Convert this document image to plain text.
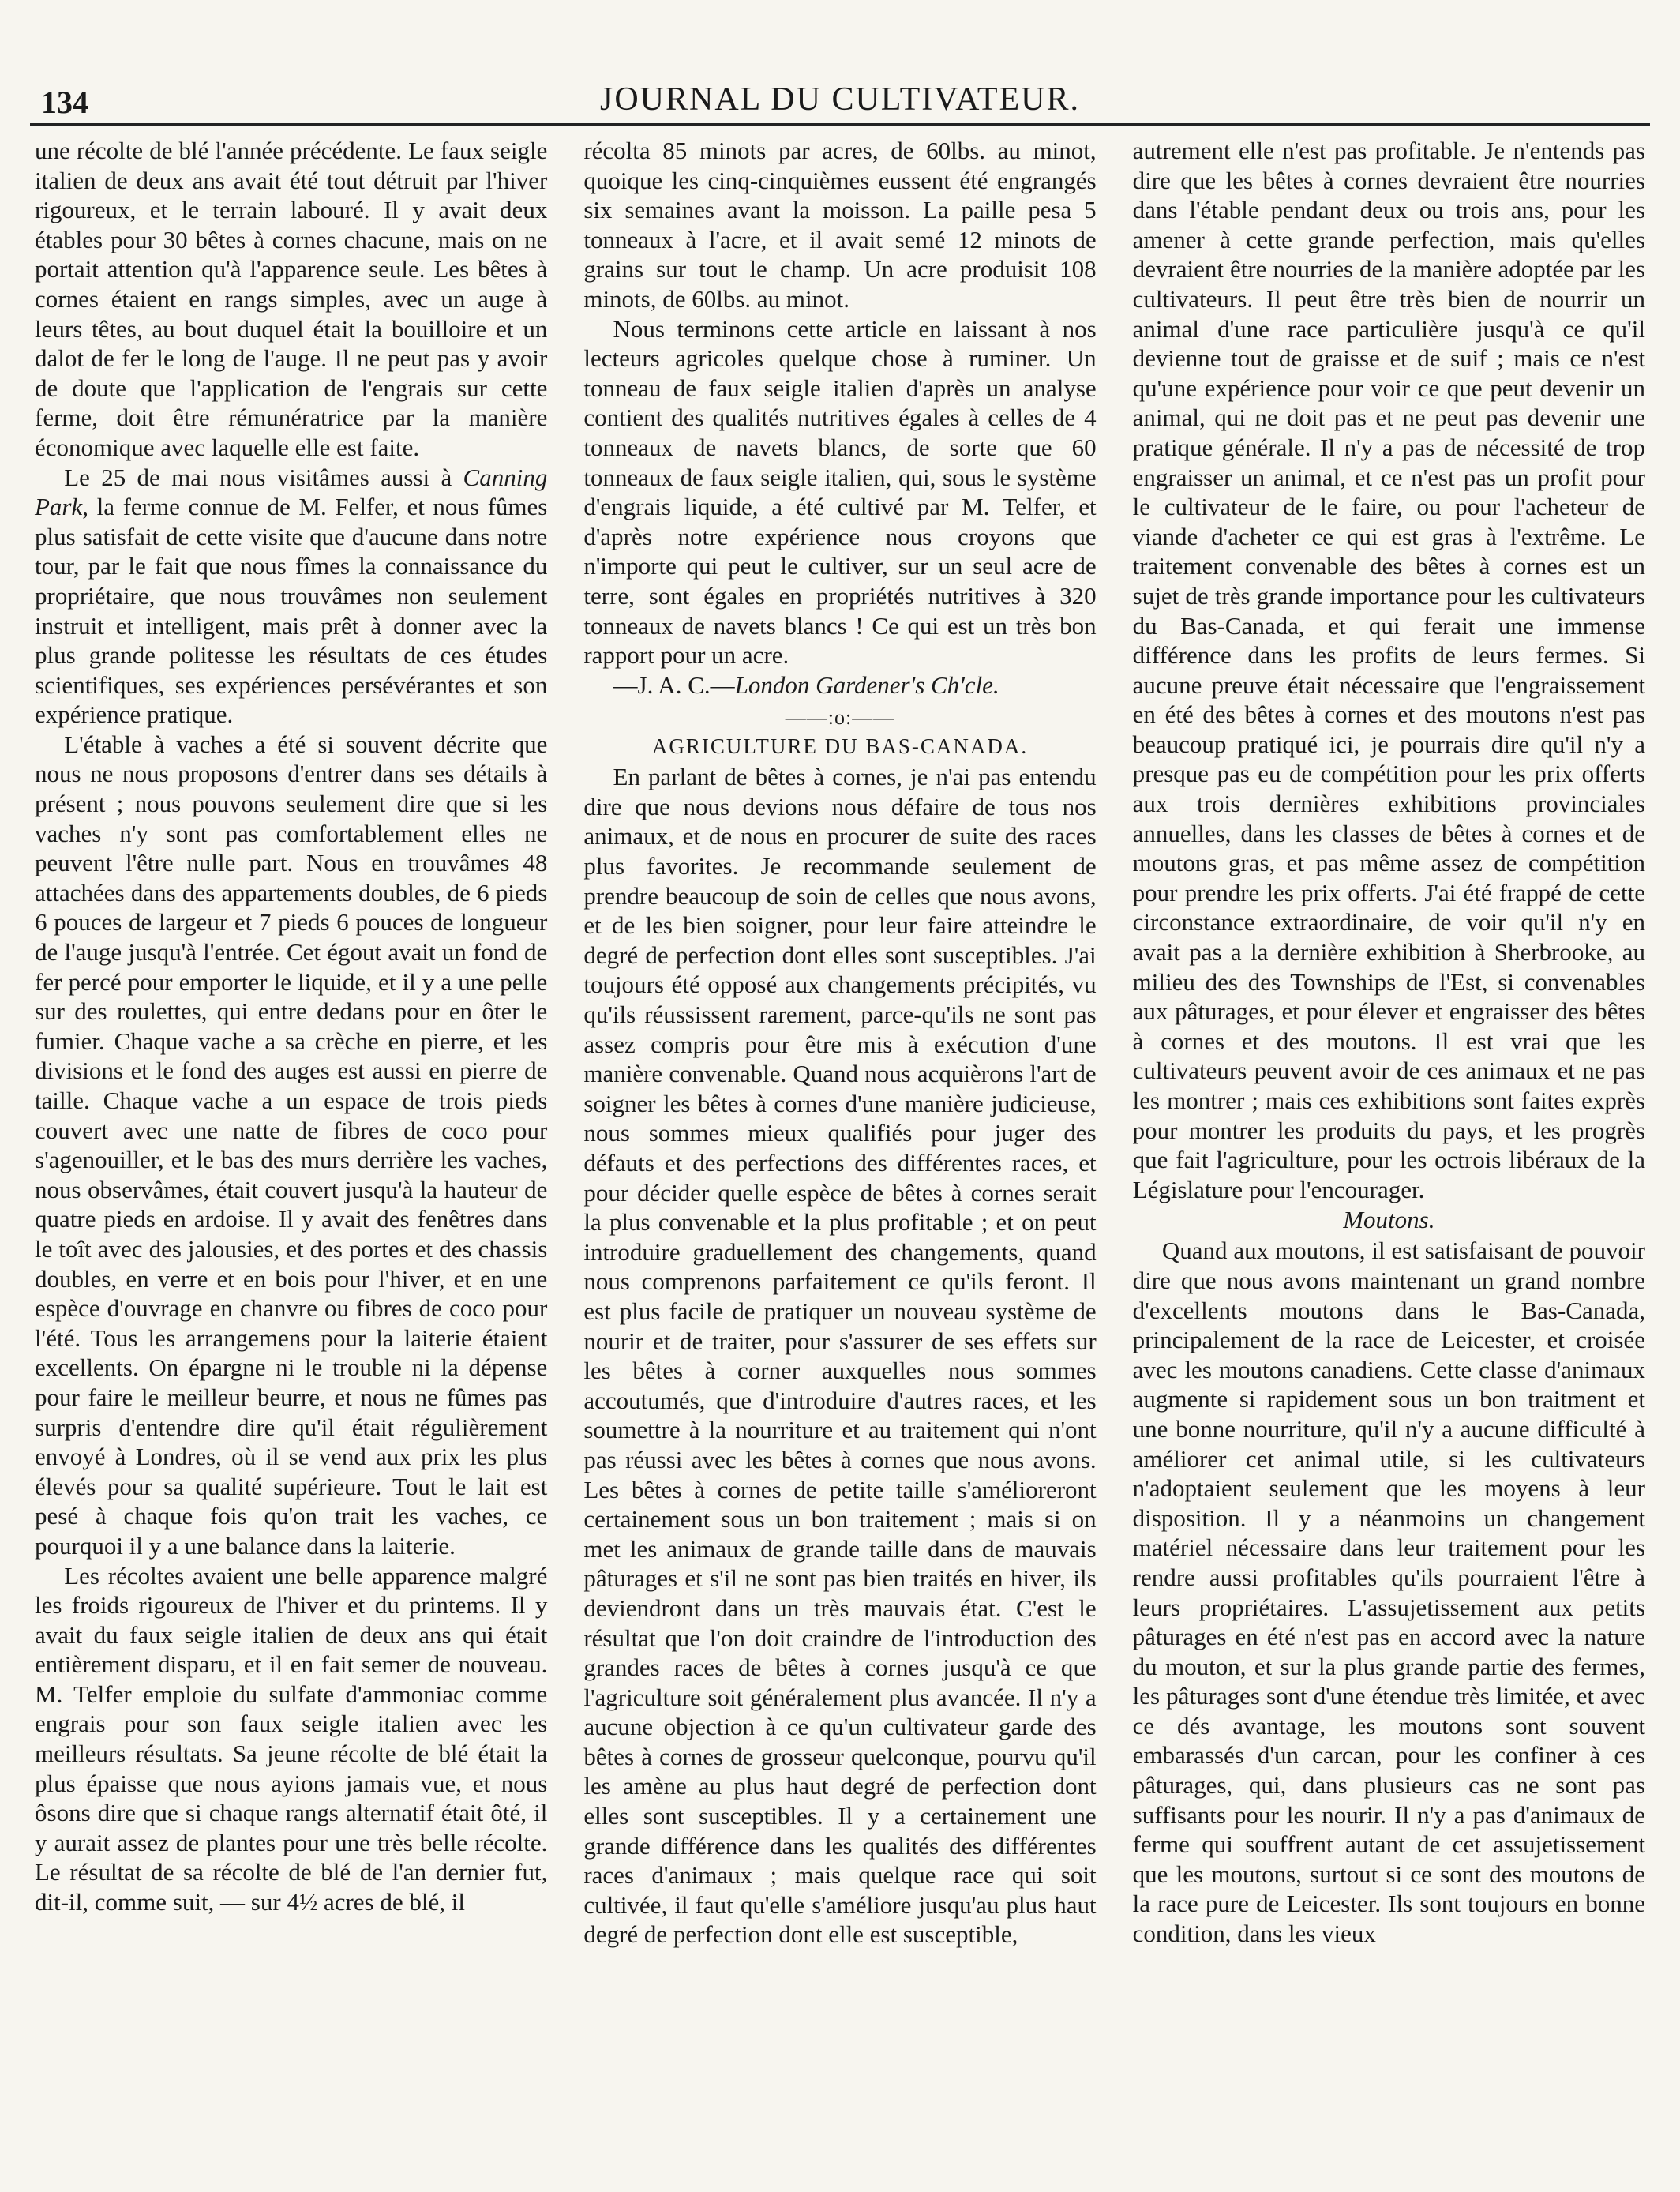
134	JOURNAL DU CULTIVATEUR.

une récolte de blé l'année précédente. Le faux seigle italien de deux ans avait été tout détruit par l'hiver rigoureux, et le terrain labouré. Il y avait deux étables pour 30 bêtes à cornes chacune, mais on ne portait attention qu'à l'apparence seule. Les bêtes à cornes étaient en rangs simples, avec un auge à leurs têtes, au bout duquel était la bouilloire et un dalot de fer le long de l'auge. Il ne peut pas y avoir de doute que l'application de l'engrais sur cette ferme, doit être rémunératrice par la manière économique avec laquelle elle est faite.

Le 25 de mai nous visitâmes aussi à Canning Park, la ferme connue de M. Felfer, et nous fûmes plus satisfait de cette visite que d'aucune dans notre tour, par le fait que nous fîmes la connaissance du propriétaire, que nous trouvâmes non seulement instruit et intelligent, mais prêt à donner avec la plus grande politesse les résultats de ces études scientifiques, ses expériences persévérantes et son expérience pratique.

L'étable à vaches a été si souvent décrite que nous ne nous proposons d'entrer dans ses détails à présent ; nous pouvons seulement dire que si les vaches n'y sont pas comfortablement elles ne peuvent l'être nulle part. Nous en trouvâmes 48 attachées dans des appartements doubles, de 6 pieds 6 pouces de largeur et 7 pieds 6 pouces de longueur de l'auge jusqu'à l'entrée. Cet égout avait un fond de fer percé pour emporter le liquide, et il y a une pelle sur des roulettes, qui entre dedans pour en ôter le fumier. Chaque vache a sa crèche en pierre, et les divisions et le fond des auges est aussi en pierre de taille. Chaque vache a un espace de trois pieds couvert avec une natte de fibres de coco pour s'agenouiller, et le bas des murs derrière les vaches, nous observâmes, était couvert jusqu'à la hauteur de quatre pieds en ardoise. Il y avait des fenêtres dans le toît avec des jalousies, et des portes et des chassis doubles, en verre et en bois pour l'hiver, et en une espèce d'ouvrage en chanvre ou fibres de coco pour l'été. Tous les arrangemens pour la laiterie étaient excellents. On épargne ni le trouble ni la dépense pour faire le meilleur beurre, et nous ne fûmes pas surpris d'entendre dire qu'il était régulièrement envoyé à Londres, où il se vend aux prix les plus élevés pour sa qualité supérieure. Tout le lait est pesé à chaque fois qu'on trait les vaches, ce pourquoi il y a une balance dans la laiterie.

Les récoltes avaient une belle apparence malgré les froids rigoureux de l'hiver et du printems. Il y avait du faux seigle italien de deux ans qui était entièrement disparu, et il en fait semer de nouveau. M. Telfer emploie du sulfate d'ammoniac comme engrais pour son faux seigle italien avec les meilleurs résultats. Sa jeune récolte de blé était la plus épaisse que nous ayions jamais vue, et nous ôsons dire que si chaque rangs alternatif était ôté, il y aurait assez de plantes pour une très belle récolte. Le résultat de sa récolte de blé de l'an dernier fut, dit-il, comme suit, — sur 4½ acres de blé, il

récolta 85 minots par acres, de 60lbs. au minot, quoique les cinq-cinquièmes eussent été engrangés six semaines avant la moisson. La paille pesa 5 tonneaux à l'acre, et il avait semé 12 minots de grains sur tout le champ. Un acre produisit 108 minots, de 60lbs. au minot.

Nous terminons cette article en laissant à nos lecteurs agricoles quelque chose à ruminer. Un tonneau de faux seigle italien d'après un analyse contient des qualités nutritives égales à celles de 4 tonneaux de navets blancs, de sorte que 60 tonneaux de faux seigle italien, qui, sous le système d'engrais liquide, a été cultivé par M. Telfer, et d'après notre expérience nous croyons que n'importe qui peut le cultiver, sur un seul acre de terre, sont égales en propriétés nutritives à 320 tonneaux de navets blancs ! Ce qui est un très bon rapport pour un acre.

—J. A. C.—London Gardener's Ch'cle.

——:o:——
AGRICULTURE DU BAS-CANADA.

En parlant de bêtes à cornes, je n'ai pas entendu dire que nous devions nous défaire de tous nos animaux, et de nous en procurer de suite des races plus favorites. Je recommande seulement de prendre beaucoup de soin de celles que nous avons, et de les bien soigner, pour leur faire atteindre le degré de perfection dont elles sont susceptibles. J'ai toujours été opposé aux changements précipités, vu qu'ils réussissent rarement, parce-qu'ils ne sont pas assez compris pour être mis à exécution d'une manière convenable. Quand nous acquièrons l'art de soigner les bêtes à cornes d'une manière judicieuse, nous sommes mieux qualifiés pour juger des défauts et des perfections des différentes races, et pour décider quelle espèce de bêtes à cornes serait la plus convenable et la plus profitable ; et on peut introduire graduellement des changements, quand nous comprenons parfaitement ce qu'ils feront. Il est plus facile de pratiquer un nouveau système de nourir et de traiter, pour s'assurer de ses effets sur les bêtes à corner auxquelles nous sommes accoutumés, que d'introduire d'autres races, et les soumettre à la nourriture et au traitement qui n'ont pas réussi avec les bêtes à cornes que nous avons. Les bêtes à cornes de petite taille s'amélioreront certainement sous un bon traitement ; mais si on met les animaux de grande taille dans de mauvais pâturages et s'il ne sont pas bien traités en hiver, ils deviendront dans un très mauvais état. C'est le résultat que l'on doit craindre de l'introduction des grandes races de bêtes à cornes jusqu'à ce que l'agriculture soit généralement plus avancée. Il n'y a aucune objection à ce qu'un cultivateur garde des bêtes à cornes de grosseur quelconque, pourvu qu'il les amène au plus haut degré de perfection dont elles sont susceptibles. Il y a certainement une grande différence dans les qualités des différentes races d'animaux ; mais quelque race qui soit cultivée, il faut qu'elle s'améliore jusqu'au plus haut degré de perfection dont elle est susceptible,

autrement elle n'est pas profitable. Je n'entends pas dire que les bêtes à cornes devraient être nourries dans l'étable pendant deux ou trois ans, pour les amener à cette grande perfection, mais qu'elles devraient être nourries de la manière adoptée par les cultivateurs. Il peut être très bien de nourrir un animal d'une race particulière jusqu'à ce qu'il devienne tout de graisse et de suif ; mais ce n'est qu'une expérience pour voir ce que peut devenir un animal, qui ne doit pas et ne peut pas devenir une pratique générale. Il n'y a pas de nécessité de trop engraisser un animal, et ce n'est pas un profit pour le cultivateur de le faire, ou pour l'acheteur de viande d'acheter ce qui est gras à l'extrême. Le traitement convenable des bêtes à cornes est un sujet de très grande importance pour les cultivateurs du Bas-Canada, et qui ferait une immense différence dans les profits de leurs fermes. Si aucune preuve était nécessaire que l'engraissement en été des bêtes à cornes et des moutons n'est pas beaucoup pratiqué ici, je pourrais dire qu'il n'y a presque pas eu de compétition pour les prix offerts aux trois dernières exhibitions provinciales annuelles, dans les classes de bêtes à cornes et de moutons gras, et pas même assez de compétition pour prendre les prix offerts. J'ai été frappé de cette circonstance extraordinaire, de voir qu'il n'y en avait pas a la dernière exhibition à Sherbrooke, au milieu des des Townships de l'Est, si convenables aux pâturages, et pour élever et engraisser des bêtes à cornes et des moutons. Il est vrai que les cultivateurs peuvent avoir de ces animaux et ne pas les montrer ; mais ces exhibitions sont faites exprès pour montrer les produits du pays, et les progrès que fait l'agriculture, pour les octrois libéraux de la Législature pour l'encourager.

Moutons.

Quand aux moutons, il est satisfaisant de pouvoir dire que nous avons maintenant un grand nombre d'excellents moutons dans le Bas-Canada, principalement de la race de Leicester, et croisée avec les moutons canadiens. Cette classe d'animaux augmente si rapidement sous un bon traitment et une bonne nourriture, qu'il n'y a aucune difficulté à améliorer cet animal utile, si les cultivateurs n'adoptaient seulement que les moyens à leur disposition. Il y a néanmoins un changement matériel nécessaire dans leur traitement pour les rendre aussi profitables qu'ils pourraient l'être à leurs propriétaires. L'assujetissement aux petits pâturages en été n'est pas en accord avec la nature du mouton, et sur la plus grande partie des fermes, les pâturages sont d'une étendue très limitée, et avec ce dés avantage, les moutons sont souvent embarassés d'un carcan, pour les confiner à ces pâturages, qui, dans plusieurs cas ne sont pas suffisants pour les nourir. Il n'y a pas d'animaux de ferme qui souffrent autant de cet assujetissement que les moutons, surtout si ce sont des moutons de la race pure de Leicester. Ils sont toujours en bonne condition, dans les vieux
